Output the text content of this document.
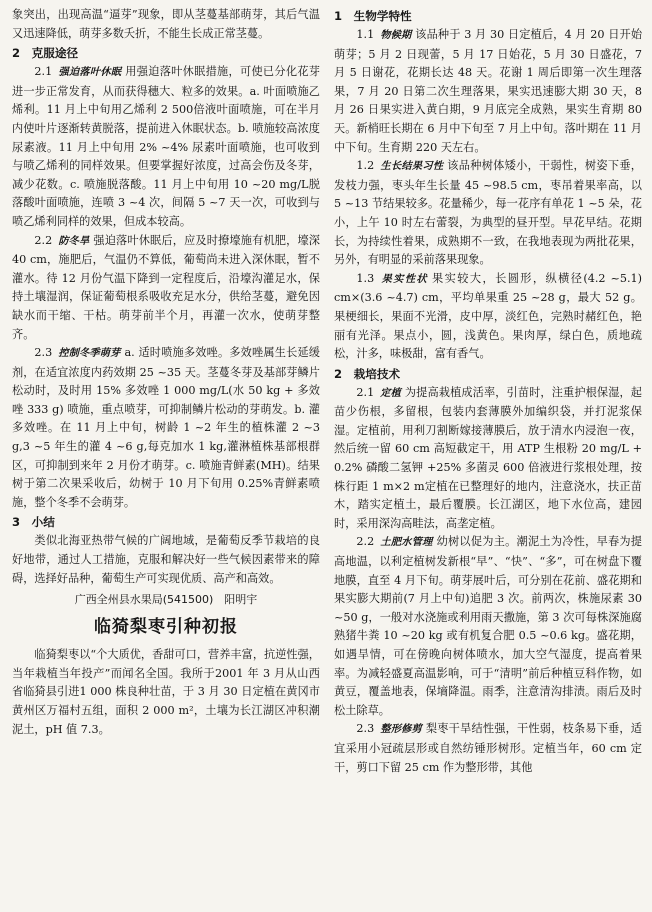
象突出，出现高温“逼芽”现象，即从茎蔓基部萌芽，其后气温又迅速降低，萌芽多数夭折，不能生长成正常茎蔓。

2　克服途径

2.1 强迫落叶休眠 用强迫落叶休眠措施，可使已分化花芽进一步正常发育，从而获得穗大、粒多的效果。a. 叶面喷施乙烯利。11 月上中旬用乙烯利 2 500倍液叶面喷施，可在半月内使叶片逐渐转黄脱落，提前进入休眠状态。b. 喷施较高浓度尿素液。11 月上中旬用 2% ~4% 尿素叶面喷施，也可收到与喷乙烯利的同样效果。但要掌握好浓度，过高会伤及冬芽，减少花数。c. 喷施脱落酸。11 月上中旬用 10 ~20 mg/L脱落酸叶面喷施，连喷 3 ~4 次，间隔 5 ~7 天一次，可收到与喷乙烯利同样的效果，但成本较高。

2.2 防冬旱 强迫落叶休眠后，应及时撩壕施有机肥，壕深 40 cm，施肥后，气温仍不算低，葡萄尚未进入深休眠，暂不灌水。待 12 月份气温下降到一定程度后，沿壕沟灌足水，保持土壤湿润，保证葡萄根系吸收充足水分，供给茎蔓，避免因缺水而干缩、干枯。萌芽前半个月，再灌一次水，使萌芽整齐。

2.3 控制冬季萌芽 a. 适时喷施多效唑。多效唑属生长延缓剂，在适宜浓度内药效期 25 ~35 天。茎蔓冬芽及基部芽鳞片松动时，及时用 15% 多效唑 1 000 mg/L(水 50 kg + 多效唑 333 g) 喷施，重点喷芽，可抑制鳞片松动的芽萌发。b. 灌多效唑。在 11 月上中旬，树龄 1 ~2 年生的植株灌 2 ~3 g,3 ~5 年生的灌 4 ~6 g,每克加水 1 kg,灌淋植株基部根群区，可抑制到来年 2 月份才萌芽。c. 喷施青鲜素(MH)。结果树于第二次果采收后，幼树于 10 月下旬用 0.25%青鲜素喷施，整个冬季不会萌芽。

3　小结

类似北海亚热带气候的广阔地域，是葡萄反季节栽培的良好地带，通过人工措施，克服和解决好一些气候因素带来的障碍，选择好品种，葡萄生产可实现优质、高产和高效。

广西全州县水果局(541500)　阳明宇
临猗梨枣引种初报

临猗梨枣以“个大质优，香甜可口，营养丰富，抗逆性强，当年栽植当年投产”而闻名全国。我所于2001 年 3 月从山西省临猗县引进1 000 株良种壮苗，于 3 月 30 日定植在黄冈市黄州区万福村五组，面积 2 000 m²，土壤为长江湖区冲积潮泥土，pH 值 7.3。

1　生物学特性

1.1 物候期 该品种于 3 月 30 日定植后，4 月 20 日开始萌芽；5 月 2 日现蕾，5 月 17 日始花，5 月 30 日盛花，7 月 5 日谢花，花期长达 48 天。花谢 1 周后即第一次生理落果，7 月 20 日第二次生理落果，果实迅速膨大期 30 天，8 月 26 日果实进入黄白期，9 月底完全成熟，果实生育期 80 天。新梢旺长期在 6 月中下旬至 7 月上中旬。落叶期在 11 月中下旬。生育期 220 天左右。

1.2 生长结果习性 该品种树体矮小，干弱性，树姿下垂，发枝力强，枣头年生长量 45 ~98.5 cm，枣吊着果率高，以 5 ~13 节结果较多。花量稀少，每一花序有单花 1 ~5 朵，花小，上午 10 时左右蕾裂，为典型的昼开型。早花早结。花期长，为持续性着果，成熟期不一致，在我地表现为两批花果，另外，有明显的采前落果现象。

1.3 果实性状 果实较大，长圆形，纵横径(4.2 ~5.1) cm×(3.6 ~4.7) cm，平均单果重 25 ~28 g，最大 52 g。果梗细长，果面不光滑，皮中厚，淡红色，完熟时赭红色，艳丽有光泽。果点小，圆，浅黄色。果肉厚，绿白色，质地疏松，汁多，味极甜，富有香气。

2　栽培技术

2.1 定植 为提高栽植成活率，引苗时，注重护根保湿，起苗少伤根，多留根，包装内套薄膜外加编织袋，并打泥浆保湿。定植前，用利刀割断嫁接薄膜后，放于清水内浸泡一夜，然后统一留 60 cm 高短截定干，用 ATP 生根粉 20 mg/L + 0.2% 磷酸二氢钾 +25% 多菌灵 600 倍液进行浆根处理，按株行距 1 m×2 m定植在已整理好的地内，注意浇水，扶正苗木，踏实定植土，最后覆膜。长江湖区，地下水位高，建园时，采用深沟高畦法，高垄定植。

2.2 土肥水管理 幼树以促为主。潮泥土为冷性，早春为提高地温，以利定植树发新根“早”、“快”、“多”，可在树盘下覆地膜，直至 4 月下旬。萌芽展叶后，可分别在花前、盛花期和果实膨大期前(7 月上中旬)追肥 3 次。前两次，株施尿素 30 ~50 g，一般对水浇施或利用雨天撒施，第 3 次可每株深施腐熟猪牛粪 10 ~20 kg 或有机复合肥 0.5 ~0.6 kg。盛花期，如遇旱情，可在傍晚向树体喷水，加大空气湿度，提高着果率。为减轻盛夏高温影响，可于“清明”前后种植豆科作物，如黄豆，覆盖地表，保墒降温。雨季，注意清沟排渍。雨后及时松土除草。

2.3 整形修剪 梨枣干旱结性强，干性弱，枝条易下垂，适宜采用小冠疏层形或自然纺锤形树形。定植当年，60 cm 定干，剪口下留 25 cm 作为整形带，其他
